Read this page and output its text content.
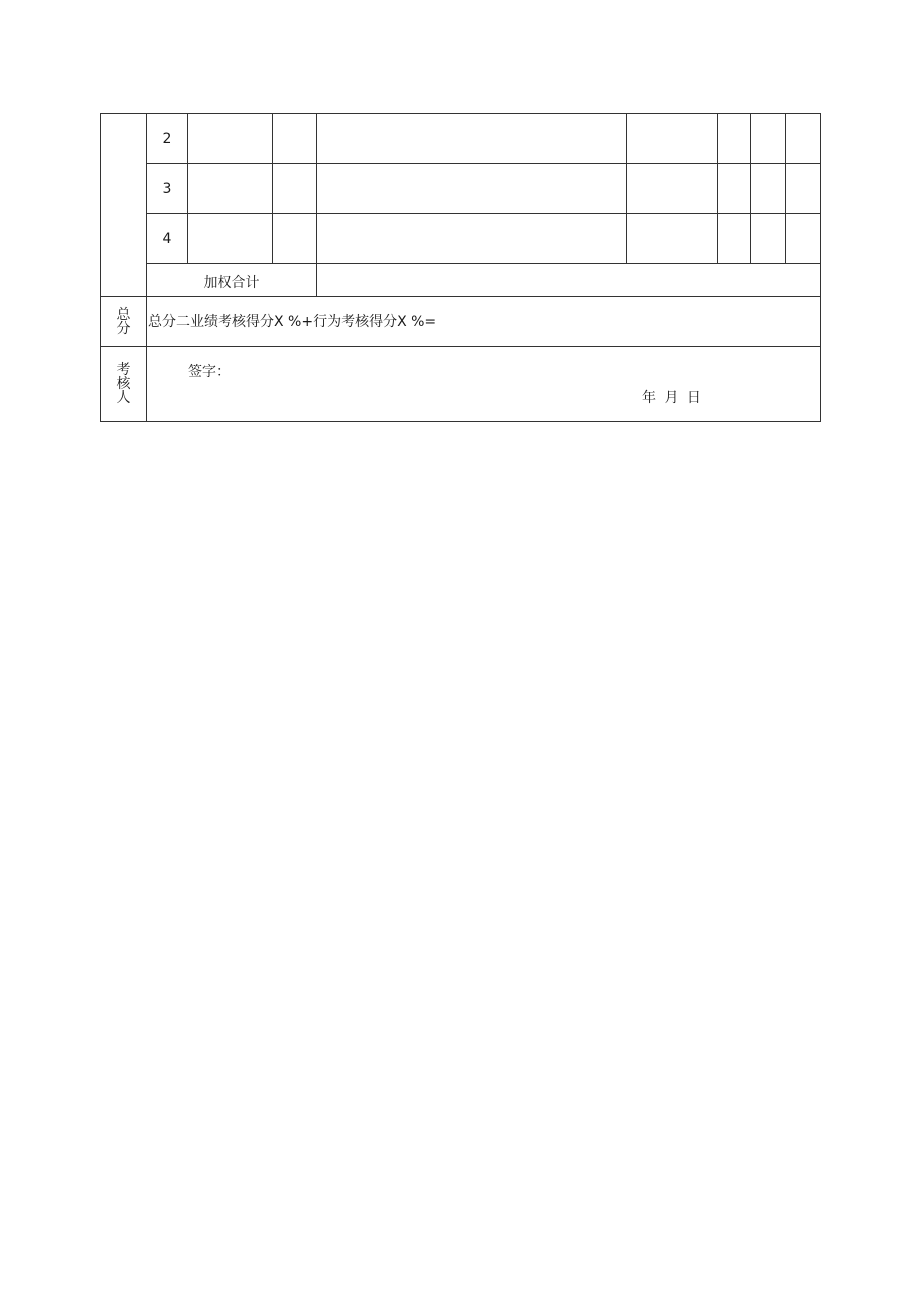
	2							
	3							
	4							
	加权合计							

总
分	总分二业绩考核得分X %+行为考核得分X %=							

考
核
人	签字：
年 月 日							
